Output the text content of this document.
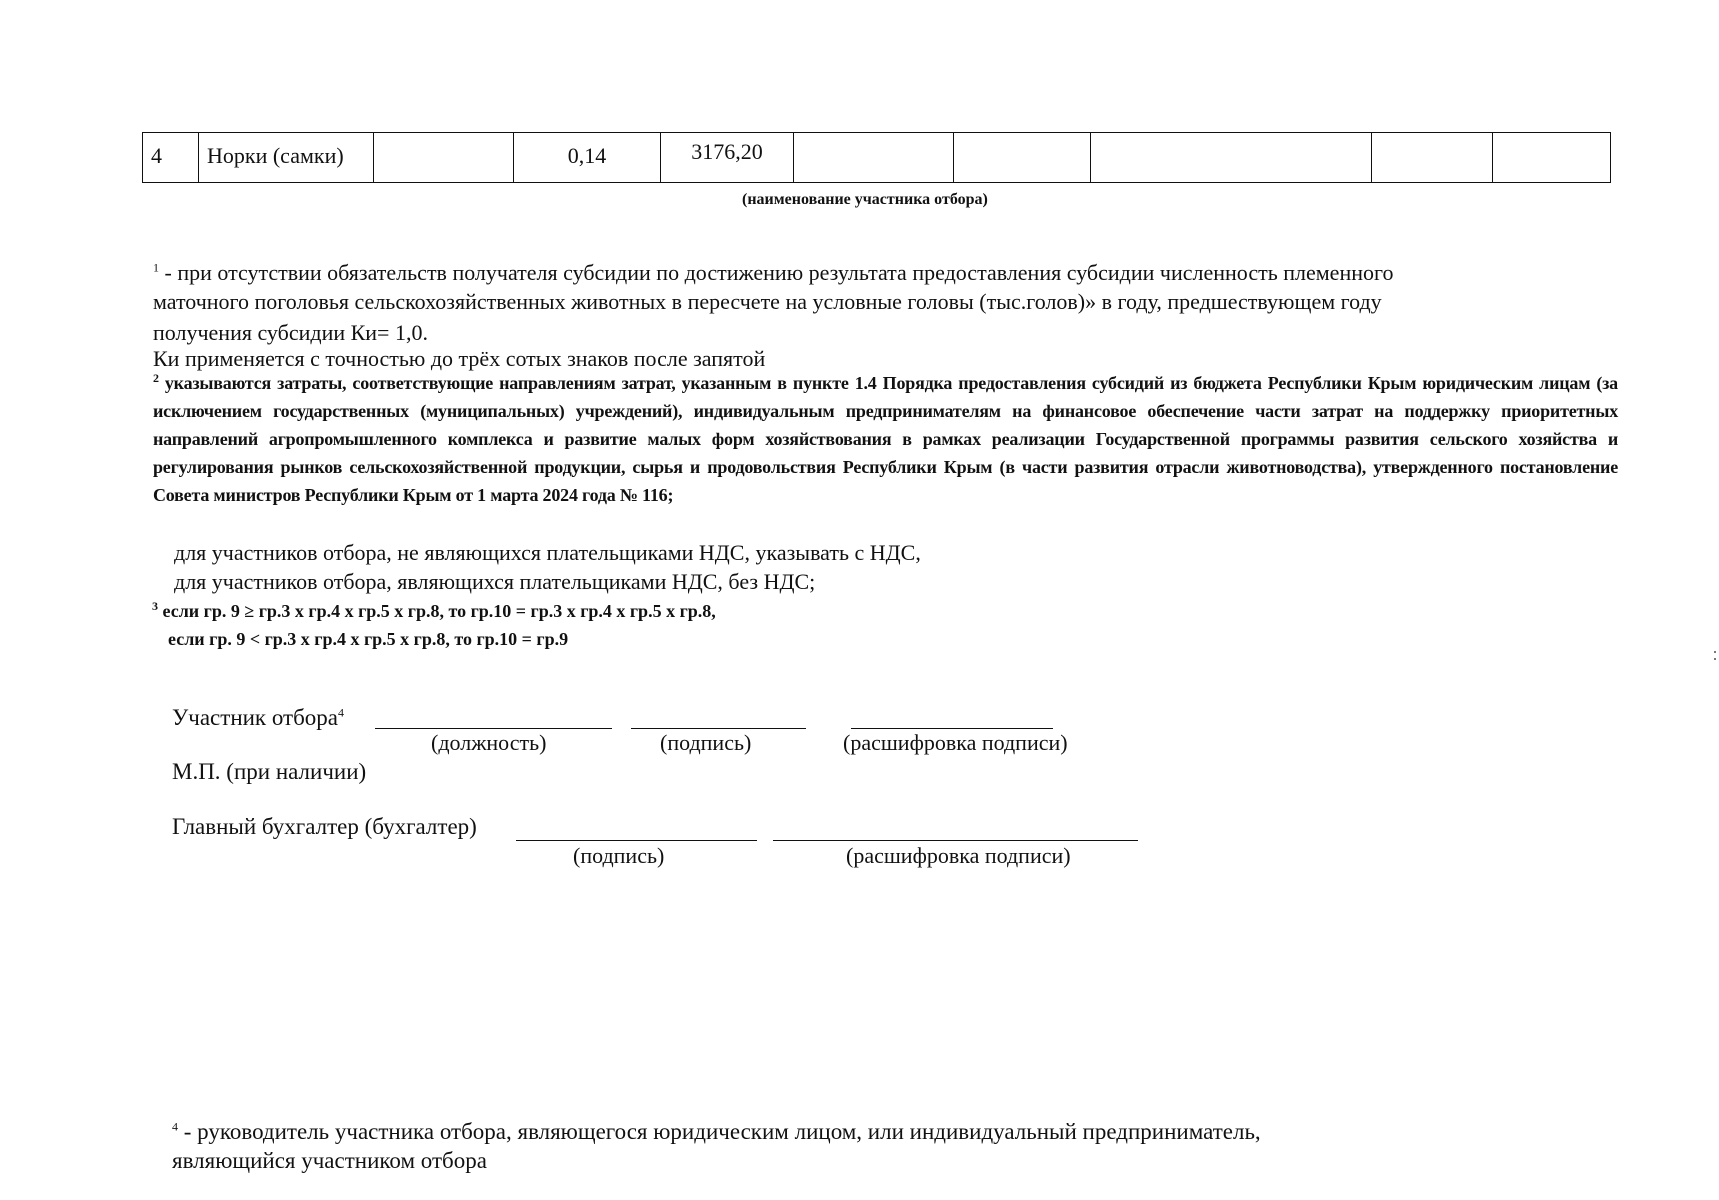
4	Норки (самки)		0,14	3176,20					
(наименование участника отбора)
$^1$ - при отсутствии обязательств получателя субсидии по достижению результата предоставления субсидии численность племенного
маточного поголовья сельскохозяйственных животных в пересчете на условные головы (тыс.голов)» в году, предшествующем году
получения субсидии Ки= 1,0.
Ки применяется с точностью до трёх сотых знаков после запятой
$^2$ указываются затраты, соответствующие направлениям затрат, указанным в пункте 1.4 Порядка предоставления субсидий из бюджета Республики Крым юридическим лицам (за исключением государственных (муниципальных) учреждений), индивидуальным предпринимателям на финансовое обеспечение части затрат на поддержку приоритетных направлений агропромышленного комплекса и развитие малых форм хозяйствования в рамках реализации Государственной программы развития сельского хозяйства и регулирования рынков сельскохозяйственной продукции, сырья и продовольствия Республики Крым (в части развития отрасли животноводства), утвержденного постановление Совета министров Республики Крым от 1 марта 2024 года № 116;
для участников отбора, не являющихся плательщиками НДС, указывать с НДС,
для участников отбора, являющихся плательщиками НДС, без НДС;
$^3$ если гр. 9 ≥ гр.3 х гр.4 х гр.5 х гр.8, то гр.10 = гр.3 х гр.4 х гр.5 х гр.8,
если гр. 9 < гр.3 х гр.4 х гр.5 х гр.8, то гр.10 = гр.9
Участник отбора$^4$
(должность)	(подпись)	(расшифровка подписи)
М.П. (при наличии)
Главный бухгалтер (бухгалтер)
(подпись)	(расшифровка подписи)
$^4$ - руководитель участника отбора, являющегося юридическим лицом, или индивидуальный предприниматель,
являющийся участником отбора
